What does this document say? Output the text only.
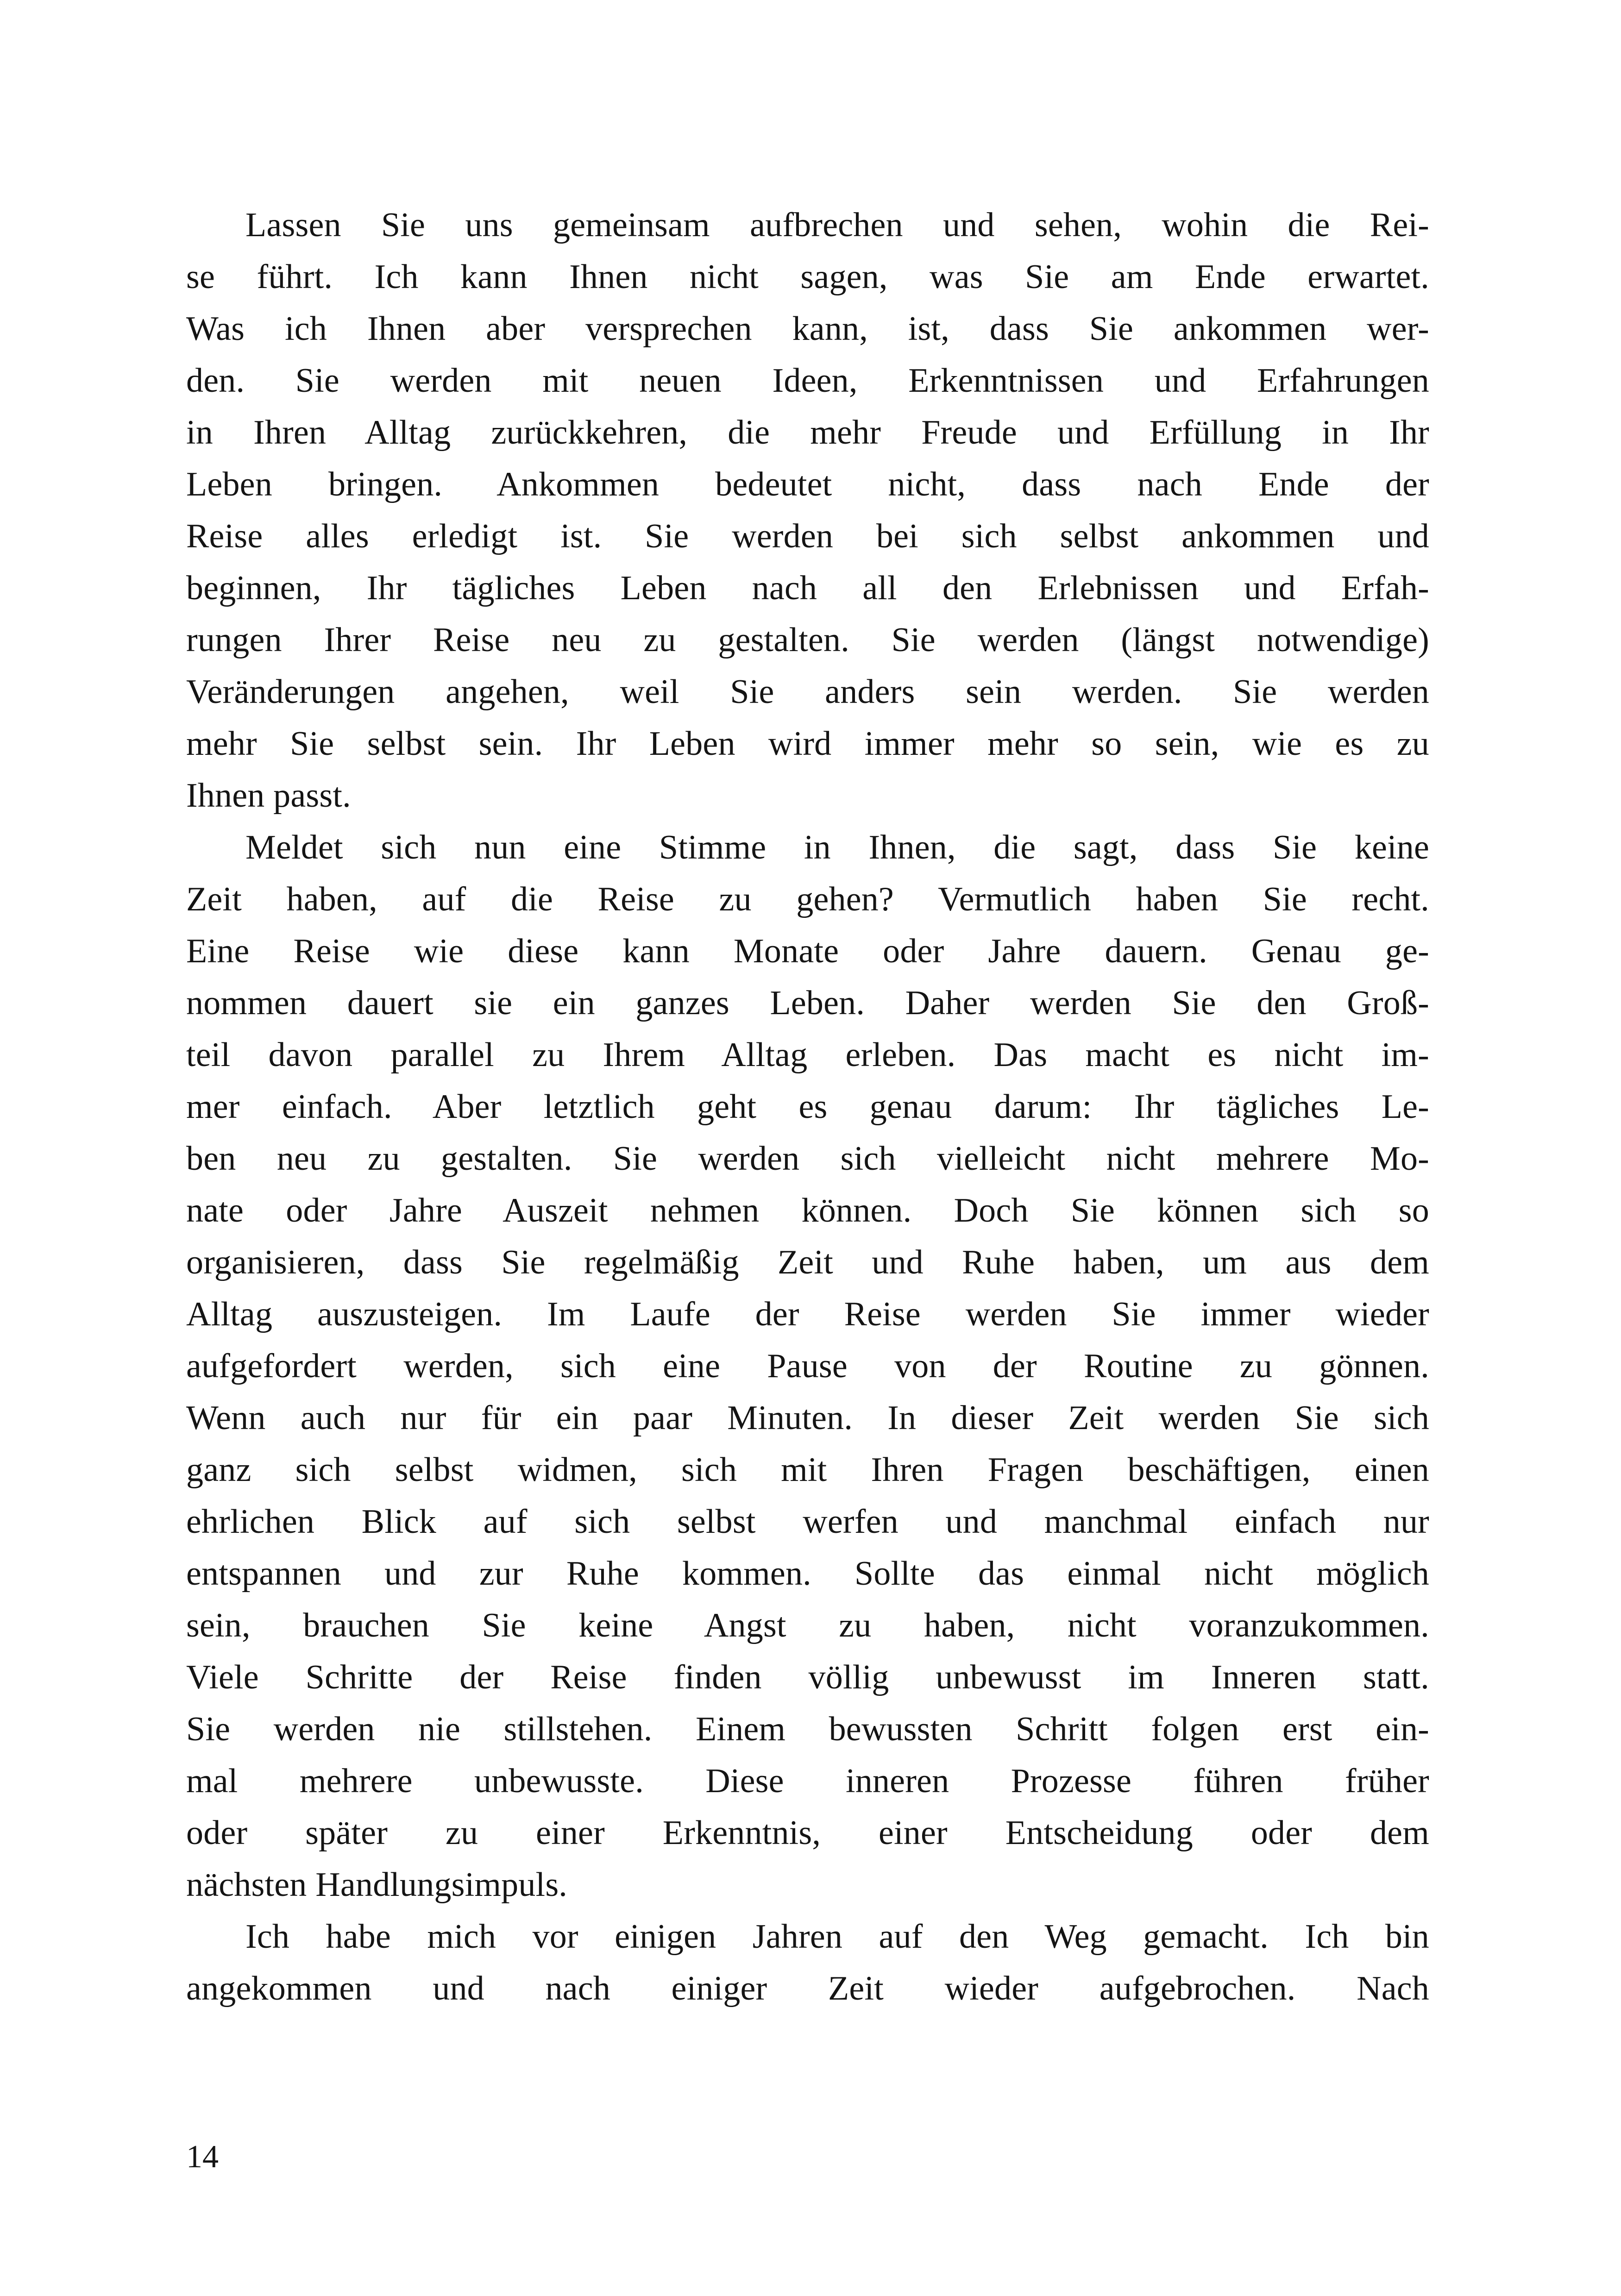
Lassen Sie uns gemeinsam aufbrechen und sehen, wohin die Rei-
se führt. Ich kann Ihnen nicht sagen, was Sie am Ende erwartet.
Was ich Ihnen aber versprechen kann, ist, dass Sie ankommen wer-
den. Sie werden mit neuen Ideen, Erkenntnissen und Erfahrungen
in Ihren Alltag zurückkehren, die mehr Freude und Erfüllung in Ihr
Leben bringen. Ankommen bedeutet nicht, dass nach Ende der
Reise alles erledigt ist. Sie werden bei sich selbst ankommen und
beginnen, Ihr tägliches Leben nach all den Erlebnissen und Erfah-
rungen Ihrer Reise neu zu gestalten. Sie werden (längst notwendige)
Veränderungen angehen, weil Sie anders sein werden. Sie werden
mehr Sie selbst sein. Ihr Leben wird immer mehr so sein, wie es zu
Ihnen passt.
Meldet sich nun eine Stimme in Ihnen, die sagt, dass Sie keine
Zeit haben, auf die Reise zu gehen? Vermutlich haben Sie recht.
Eine Reise wie diese kann Monate oder Jahre dauern. Genau ge-
nommen dauert sie ein ganzes Leben. Daher werden Sie den Groß-
teil davon parallel zu Ihrem Alltag erleben. Das macht es nicht im-
mer einfach. Aber letztlich geht es genau darum: Ihr tägliches Le-
ben neu zu gestalten. Sie werden sich vielleicht nicht mehrere Mo-
nate oder Jahre Auszeit nehmen können. Doch Sie können sich so
organisieren, dass Sie regelmäßig Zeit und Ruhe haben, um aus dem
Alltag auszusteigen. Im Laufe der Reise werden Sie immer wieder
aufgefordert werden, sich eine Pause von der Routine zu gönnen.
Wenn auch nur für ein paar Minuten. In dieser Zeit werden Sie sich
ganz sich selbst widmen, sich mit Ihren Fragen beschäftigen, einen
ehrlichen Blick auf sich selbst werfen und manchmal einfach nur
entspannen und zur Ruhe kommen. Sollte das einmal nicht möglich
sein, brauchen Sie keine Angst zu haben, nicht voranzukommen.
Viele Schritte der Reise finden völlig unbewusst im Inneren statt.
Sie werden nie stillstehen. Einem bewussten Schritt folgen erst ein-
mal mehrere unbewusste. Diese inneren Prozesse führen früher
oder später zu einer Erkenntnis, einer Entscheidung oder dem
nächsten Handlungsimpuls.
Ich habe mich vor einigen Jahren auf den Weg gemacht. Ich bin
angekommen und nach einiger Zeit wieder aufgebrochen. Nach
14
